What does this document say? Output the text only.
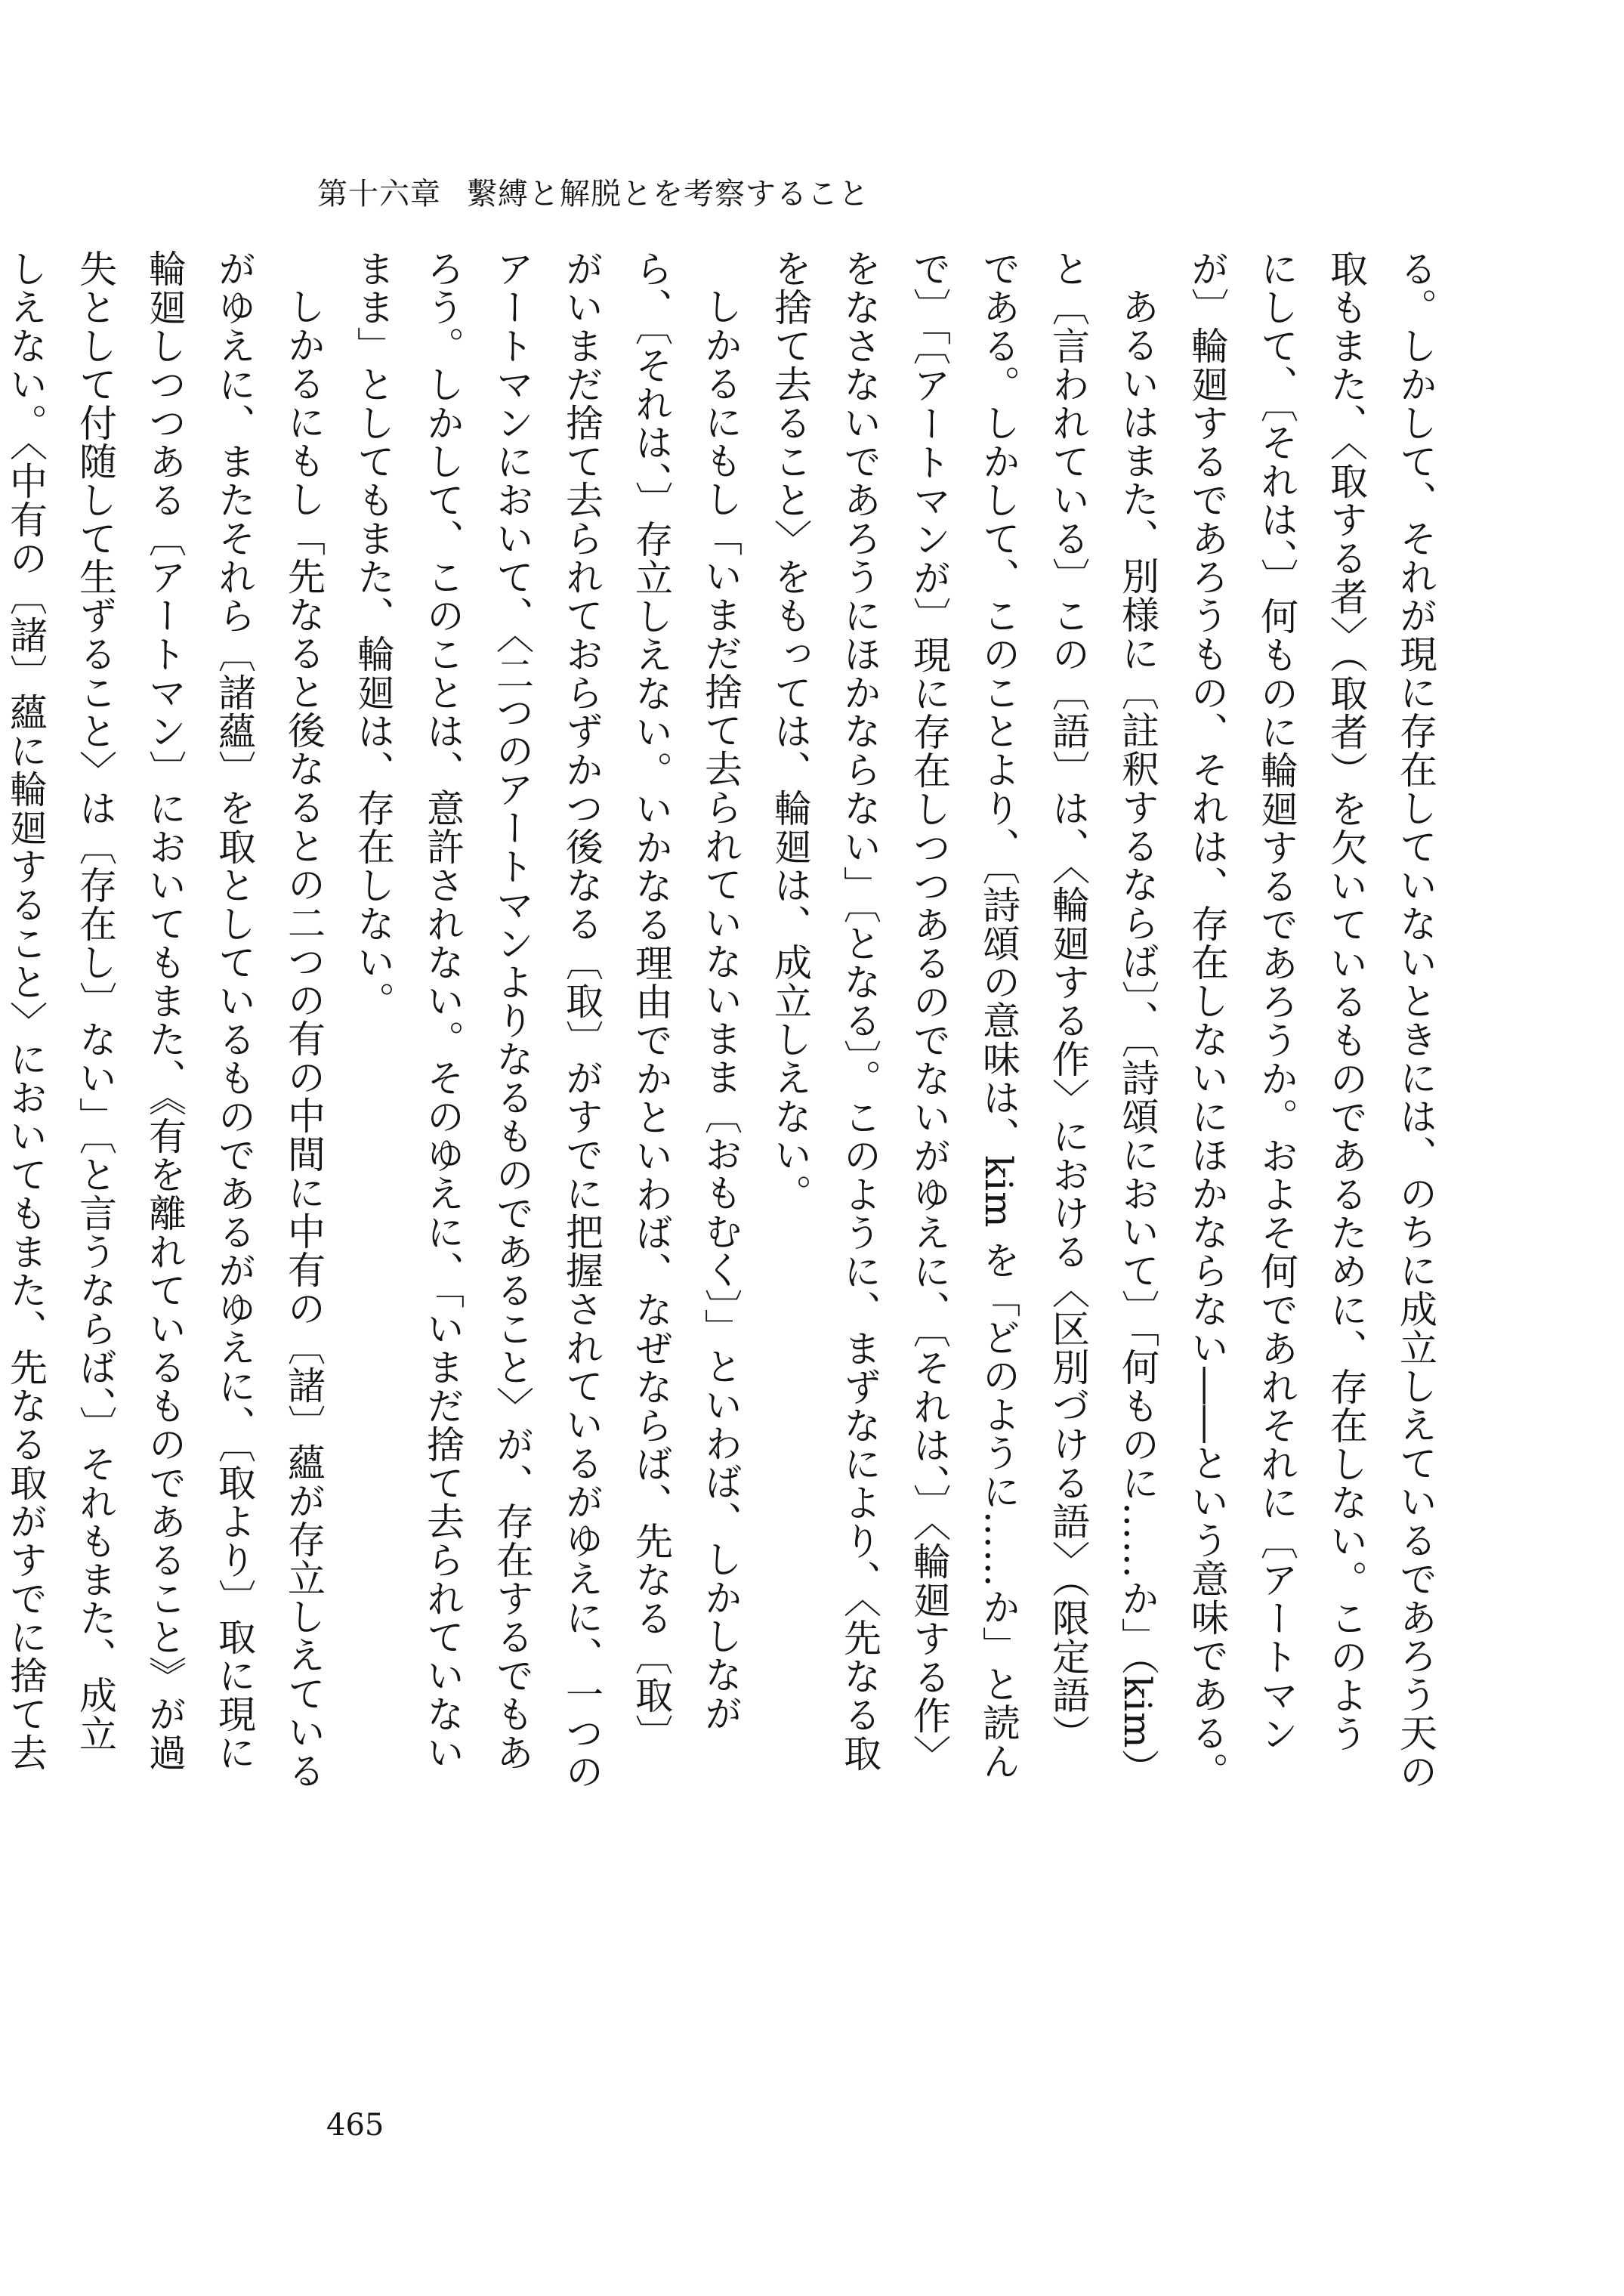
第十六章 繫縛と解脱とを考察すること

る。しかして、それが現に存在していないときには、のちに成立しえているであろう天の取もまた、〈取する者〉（取者）を欠いているものであるために、存在しない。このようにして、〔それは、〕何ものに輪廻するであろうか。およそ何であれそれに〔アートマンが〕輪廻するであろうもの、それは、存在しないにほかならない――という意味である。

あるいはまた、別様に〔註釈するならば〕、〔詩頌において〕「何ものに……か」（kim）と〔言われている〕この〔語〕は、〈輪廻する作〉における〈区別づける語〉（限定語）である。しかして、このことより、〔詩頌の意味は、kim を「どのように……か」と読んで〕「〔アートマンが〕現に存在しつつあるのでないがゆえに、〔それは、〕〈輪廻する作〉をなさないであろうにほかならない」〔となる〕。このように、まずなにより、〈先なる取を捨て去ること〉をもっては、輪廻は、成立しえない。

しかるにもし「いまだ捨て去られていないまま〔おもむく〕」といわば、しかしながら、〔それは、〕存立しえない。いかなる理由でかといわば、なぜならば、先なる〔取〕がいまだ捨て去られておらずかつ後なる〔取〕がすでに把握されているがゆえに、一つのアートマンにおいて、〈二つのアートマンよりなるものであること〉が、存在するでもあろう。しかして、このことは、意許されない。そのゆえに、「いまだ捨て去られていないまま」としてもまた、輪廻は、存在しない。

しかるにもし「先なると後なるとの二つの有の中間に中有の〔諸〕蘊が存立しえているがゆえに、またそれら〔諸蘊〕を取としているものであるがゆえに、〔取より〕取に現に輪廻しつつある〔アートマン〕においてもまた、《有を離れているものであること》が過失として付随して生ずること〉は〔存在し〕ない」〔と言うならば、〕それもまた、成立しえない。〈中有の〔諸〕蘊に輪廻すること〉においてもまた、先なる取がすでに捨て去

465
